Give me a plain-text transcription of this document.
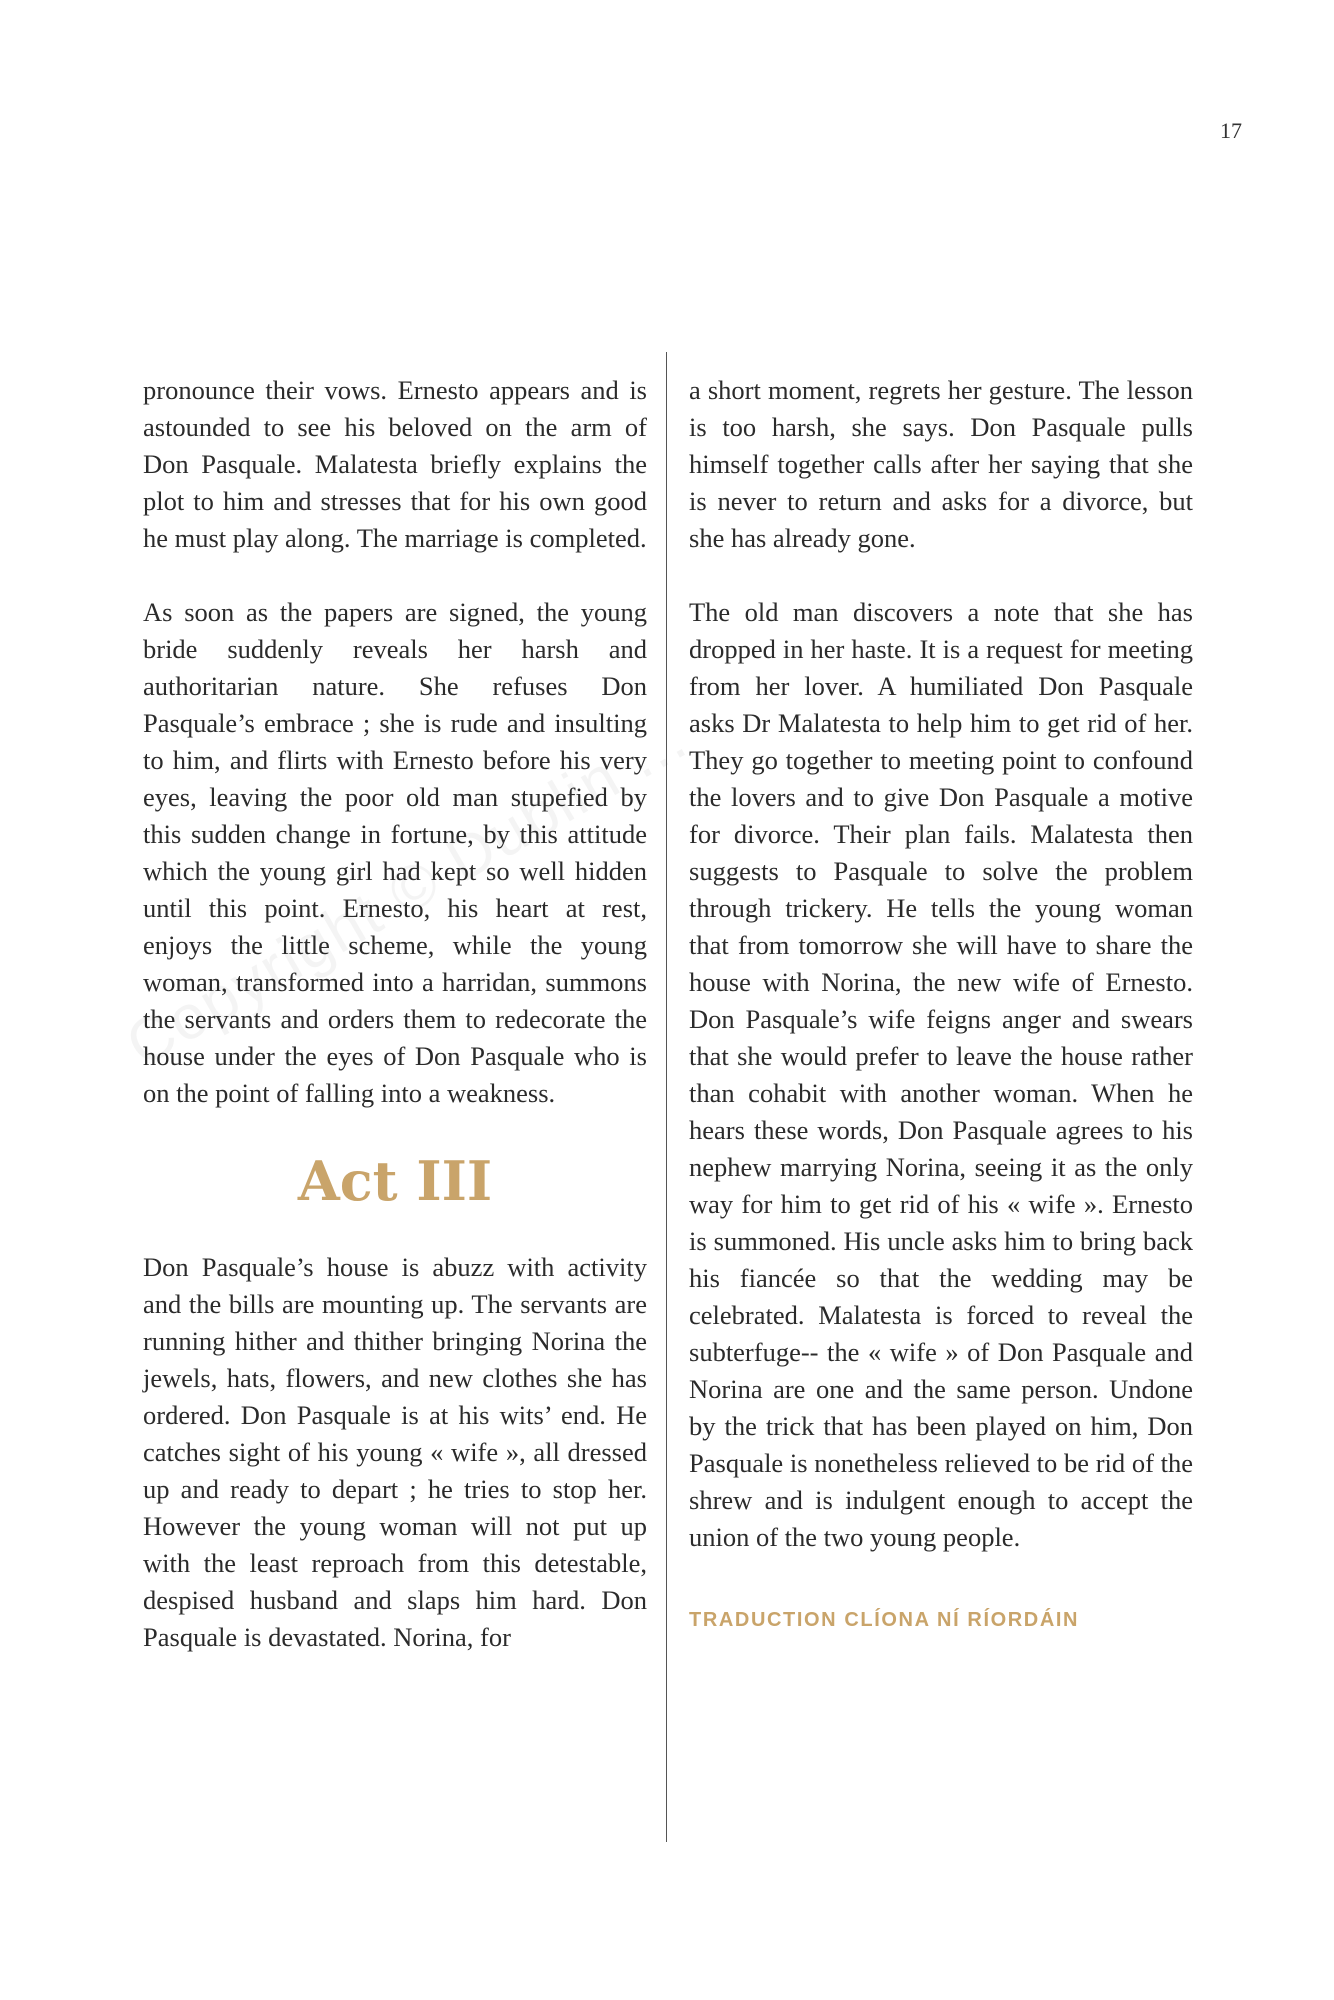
17

pronounce their vows. Ernesto appears and is astounded to see his beloved on the arm of Don Pasquale. Malatesta briefly explains the plot to him and stresses that for his own good he must play along. The marriage is completed.

As soon as the papers are signed, the young bride suddenly reveals her harsh and authoritarian nature. She refuses Don Pasquale’s embrace ; she is rude and insulting to him, and flirts with Ernesto before his very eyes, leaving the poor old man stupefied by this sudden change in fortune, by this attitude which the young girl had kept so well hidden until this point. Ernesto, his heart at rest, enjoys the little scheme, while the young woman, transformed into a harridan, summons the servants and orders them to redecorate the house under the eyes of Don Pasquale who is on the point of falling into a weakness.

Act III

Don Pasquale’s house is abuzz with activity and the bills are mounting up. The servants are running hither and thither bringing Norina the jewels, hats, flowers, and new clothes she has ordered. Don Pasquale is at his wits’ end. He catches sight of his young « wife », all dressed up and ready to depart ; he tries to stop her. However the young woman will not put up with the least reproach from this detestable, despised husband and slaps him hard. Don Pasquale is devastated. Norina, for

a short moment, regrets her gesture. The lesson is too harsh, she says. Don Pasquale pulls himself together calls after her saying that she is never to return and asks for a divorce, but she has already gone.

The old man discovers a note that she has dropped in her haste. It is a request for meeting from her lover. A humiliated Don Pasquale asks Dr Malatesta to help him to get rid of her. They go together to meeting point to confound the lovers and to give Don Pasquale a motive for divorce. Their plan fails. Malatesta then suggests to Pasquale to solve the problem through trickery. He tells the young woman that from tomorrow she will have to share the house with Norina, the new wife of Ernesto. Don Pasquale’s wife feigns anger and swears that she would prefer to leave the house rather than cohabit with another woman. When he hears these words, Don Pasquale agrees to his nephew marrying Norina, seeing it as the only way for him to get rid of his « wife ». Ernesto is summoned. His uncle asks him to bring back his fiancée so that the wedding may be celebrated. Malatesta is forced to reveal the subterfuge-- the « wife » of Don Pasquale and Norina are one and the same person. Undone by the trick that has been played on him, Don Pasquale is nonetheless relieved to be rid of the shrew and is indulgent enough to accept the union of the two young people.

TRADUCTION CLÍONA NÍ RÍORDÁIN
